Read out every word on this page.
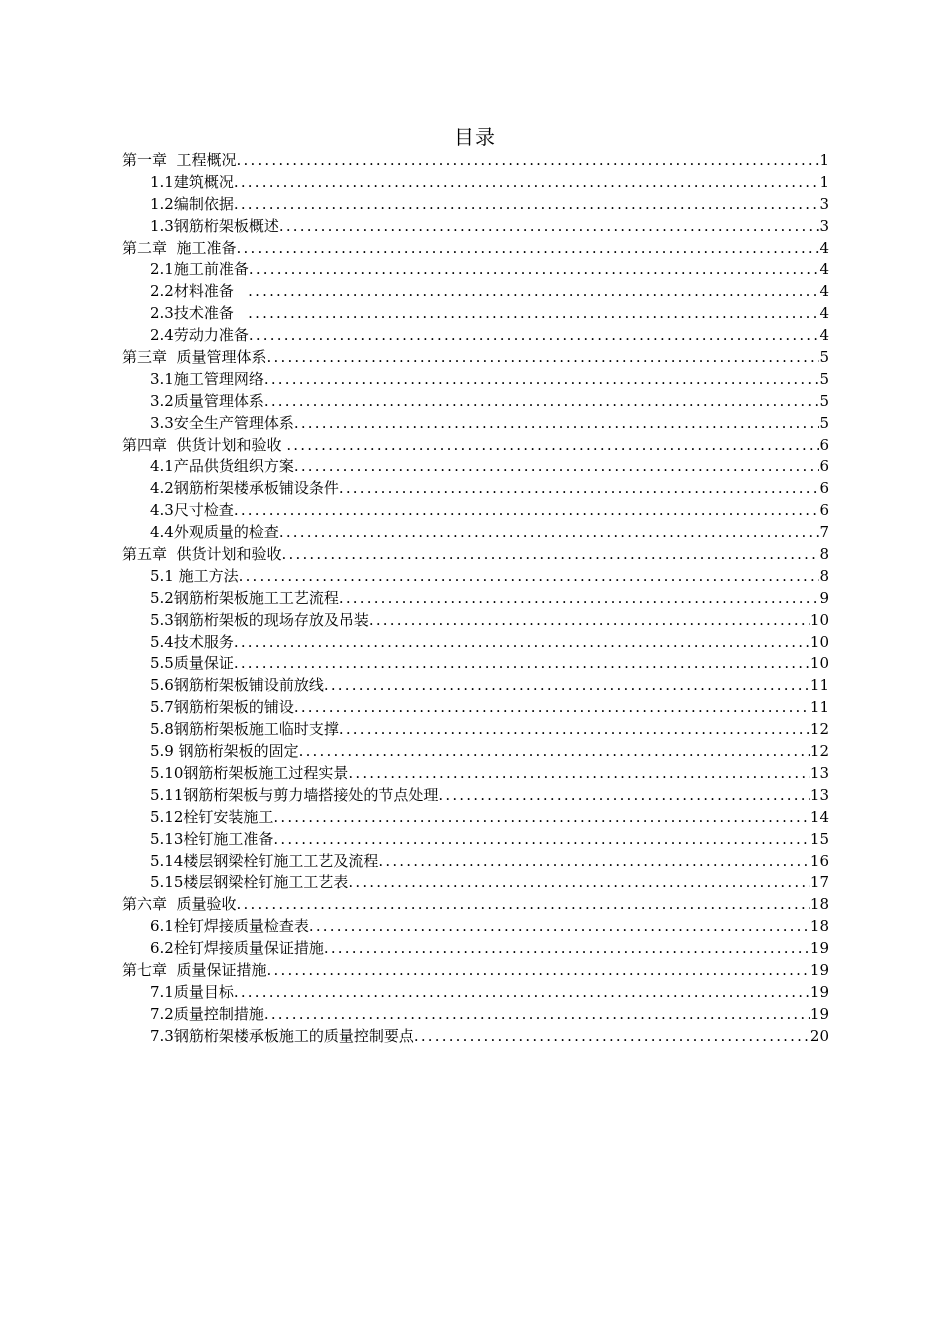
目录
第一章  工程概况 .....	1
1.1建筑概况 .....	1
1.2编制依据 .....	3
1.3钢筋桁架板概述 .....	3
第二章  施工准备 .....	4
2.1施工前准备 .....	4
2.2材料准备 .....	4
2.3技术准备 .....	4
2.4劳动力准备 .....	4
第三章  质量管理体系 .....	5
3.1施工管理网络 .....	5
3.2质量管理体系 .....	5
3.3安全生产管理体系 .....	5
第四章  供货计划和验收 .....	6
4.1产品供货组织方案 .....	6
4.2钢筋桁架楼承板铺设条件 .....	6
4.3尺寸检查 .....	6
4.4外观质量的检查 .....	7
第五章  供货计划和验收 .....	8
5.1 施工方法 .....	8
5.2钢筋桁架板施工工艺流程 .....	9
5.3钢筋桁架板的现场存放及吊装 .....	10
5.4技术服务 .....	10
5.5质量保证 .....	10
5.6钢筋桁架板铺设前放线 .....	11
5.7钢筋桁架板的铺设 .....	11
5.8钢筋桁架板施工临时支撑 .....	12
5.9 钢筋桁架板的固定 .....	12
5.10钢筋桁架板施工过程实景 .....	13
5.11钢筋桁架板与剪力墙搭接处的节点处理 .....	13
5.12栓钉安装施工 .....	14
5.13栓钉施工准备 .....	15
5.14楼层钢梁栓钉施工工艺及流程 .....	16
5.15楼层钢梁栓钉施工工艺表 .....	17
第六章  质量验收 .....	18
6.1栓钉焊接质量检查表 .....	18
6.2栓钉焊接质量保证措施 .....	19
第七章  质量保证措施 .....	19
7.1质量目标 .....	19
7.2质量控制措施 .....	19
7.3钢筋桁架楼承板施工的质量控制要点 .....	20
